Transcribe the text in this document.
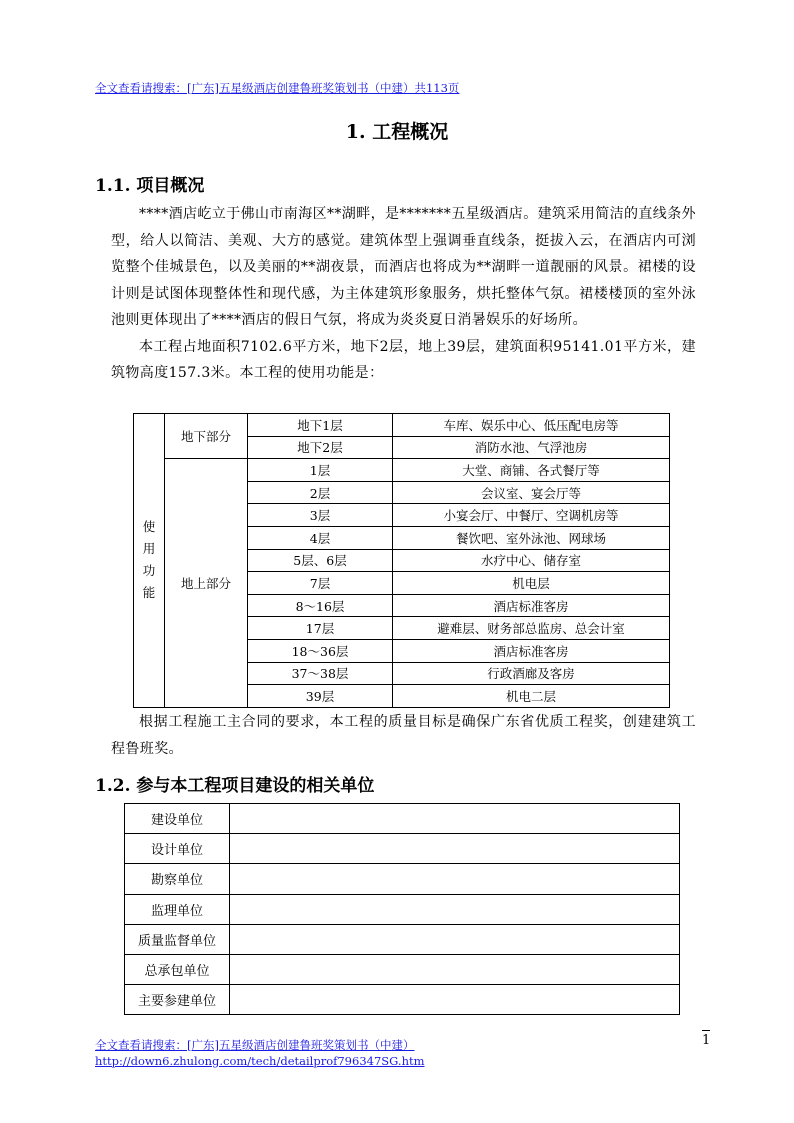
全文查看请搜索：[广东]五星级酒店创建鲁班奖策划书（中建）共113页
1. 工程概况
1.1. 项目概况

****酒店屹立于佛山市南海区**湖畔，是*******五星级酒店。建筑采用简洁的直线条外型，给人以简洁、美观、大方的感觉。建筑体型上强调垂直线条，挺拔入云，在酒店内可浏览整个佳城景色，以及美丽的**湖夜景，而酒店也将成为**湖畔一道靓丽的风景。裙楼的设计则是试图体现整体性和现代感，为主体建筑形象服务，烘托整体气氛。裙楼楼顶的室外泳池则更体现出了****酒店的假日气氛，将成为炎炎夏日消暑娱乐的好场所。

本工程占地面积7102.6平方米，地下2层，地上39层，建筑面积95141.01平方米，建筑物高度157.3米。本工程的使用功能是：

使
用
功
能	地下部分	地下1层	车库、娱乐中心、低压配电房等
		地下2层	消防水池、气浮池房
	地上部分	1层	大堂、商铺、各式餐厅等
		2层	会议室、宴会厅等
		3层	小宴会厅、中餐厅、空调机房等
		4层	餐饮吧、室外泳池、网球场
		5层、6层	水疗中心、储存室
		7层	机电层
		8～16层	酒店标准客房
		17层	避难层、财务部总监房、总会计室
		18～36层	酒店标准客房
		37～38层	行政酒廊及客房
		39层	机电二层

根据工程施工主合同的要求，本工程的质量目标是确保广东省优质工程奖，创建建筑工程鲁班奖。

1.2. 参与本工程项目建设的相关单位
建设单位	
设计单位	
勘察单位	
监理单位	
质量监督单位	
总承包单位	
主要参建单位	
全文查看请搜索：[广东]五星级酒店创建鲁班奖策划书（中建）
http://down6.zhulong.com/tech/detailprof796347SG.htm
1
